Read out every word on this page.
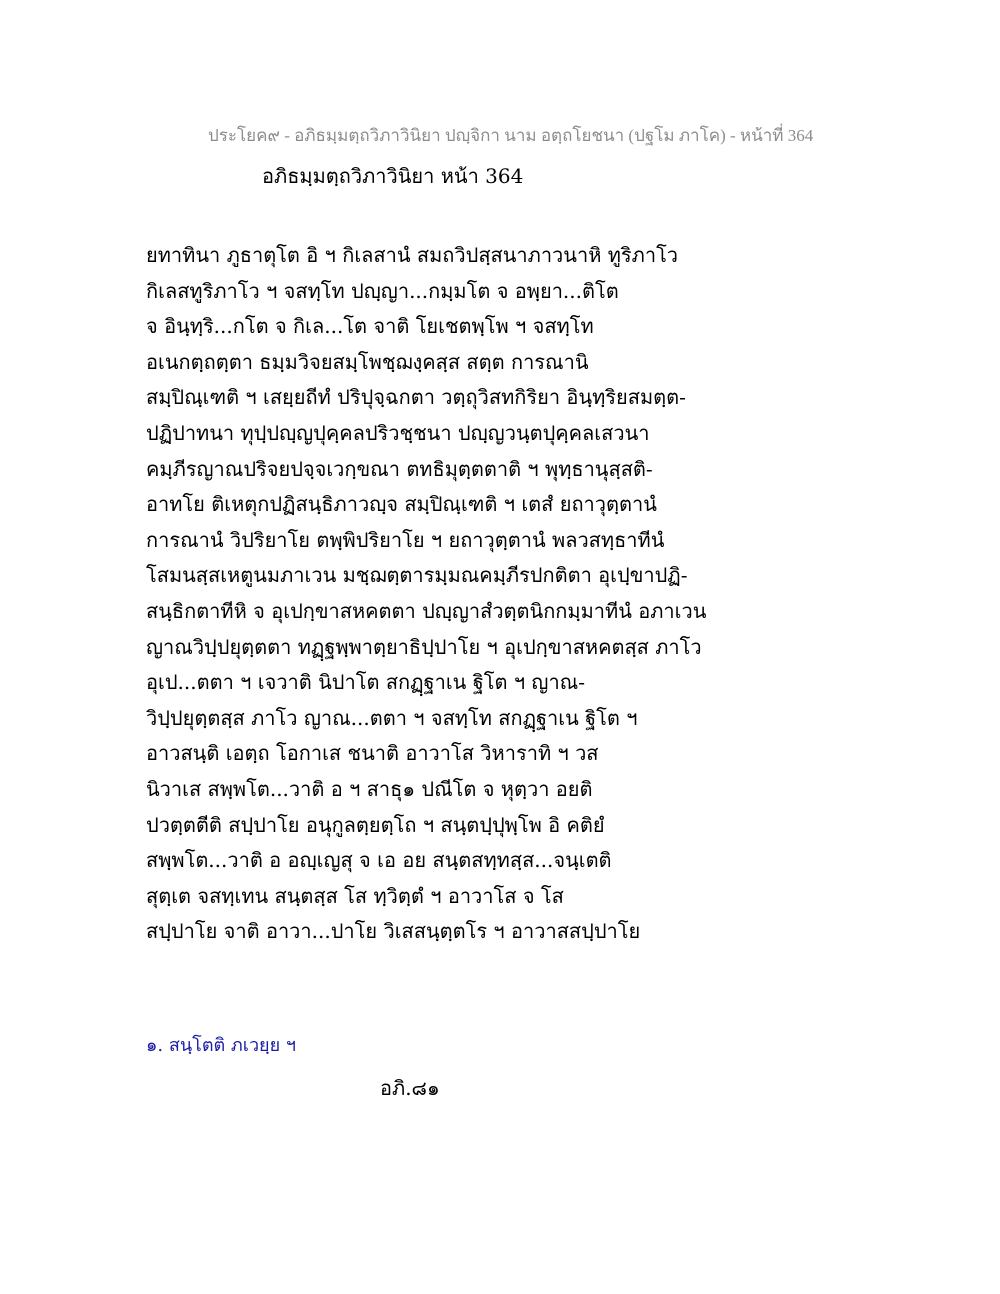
ประโยค๙ - อภิธมฺมตฺถวิภาวินิยา ปญฺจิกา นาม อตฺถโยชนา (ปฐโม ภาโค) - หน้าที่ 364
อภิธมฺมตฺถวิภาวินิยา หน้า 364
ยทาทินา ภูธาตุโต อิ ฯ กิเลสานํ สมถวิปสฺสนาภาวนาหิ ทูริภาโว
กิเลสทูริภาโว ฯ จสทฺโท ปญฺญา...กมฺมโต จ อพฺยา...ติโต
จ อินฺทฺริ...กโต จ กิเล...โต จาติ โยเชตพฺโพ ฯ จสทฺโท
อเนกตฺถตฺตา ธมฺมวิจยสมฺโพชฺฌงฺคสฺส สตฺต การณานิ
สมฺปิณฺเฑติ ฯ เสยฺยถีทํ ปริปุจฺฉกตา วตฺถุวิสทกิริยา อินฺทฺริยสมตฺต-
ปฏิปาทนา ทุปฺปญฺญปุคฺคลปริวชฺชนา ปญฺญวนฺตปุคฺคลเสวนา
คมฺภีรญาณปริจยปจฺจเวกฺขณา ตทธิมุตฺตตาติ ฯ พุทฺธานุสฺสติ-
อาทโย ติเหตุกปฏิสนฺธิภาวญฺจ สมฺปิณฺเฑติ ฯ เตสํ ยถาวุตฺตานํ
การณานํ วิปริยาโย ตพฺพิปริยาโย ฯ ยถาวุตฺตานํ พลวสทฺธาทีนํ
โสมนสฺสเหตูนมภาเวน มชฺฌตฺตารมฺมณคมฺภีรปกติตา อุเปฺขาปฏิ-
สนฺธิกตาทีหิ จ อุเปกฺขาสหคตตา ปญฺญาสํวตฺตนิกกมฺมาทีนํ อภาเวน
ญาณวิปฺปยุตฺตตา ทฏฺฐพฺพาตฺยาธิปฺปาโย ฯ อุเปกฺขาสหคตสฺส ภาโว
อุเป...ตตา ฯ เจวาติ นิปาโต สกฏฺฐาเน ฐิโต ฯ ญาณ-
วิปฺปยุตฺตสฺส ภาโว ญาณ...ตตา ฯ จสทฺโท สกฏฺฐาเน ฐิโต ฯ
อาวสนฺติ เอตฺถ โอกาเส ชนาติ อาวาโส วิหาราทิ ฯ วส
นิวาเส สพฺพโต...วาติ อ ฯ สาธุ๑ ปณีโต จ หุตฺวา อยติ
ปวตฺตตีติ สปฺปาโย อนุกูลตฺยตฺโถ ฯ สนฺตปฺปุพฺโพ อิ คติยํ
สพฺพโต...วาติ อ อญฺเญสุ จ เอ อย สนฺตสทฺทสฺส...จนฺเตติ
สุตฺเต จสทฺเทน สนฺตสฺส โส ทฺวิตฺตํ ฯ อาวาโส จ โส
สปฺปาโย จาติ อาวา...ปาโย วิเสสนฺตฺตโร ฯ อาวาสสปฺปาโย
๑. สนฺโตติ ภเวยฺย ฯ
อภิ.๘๑
